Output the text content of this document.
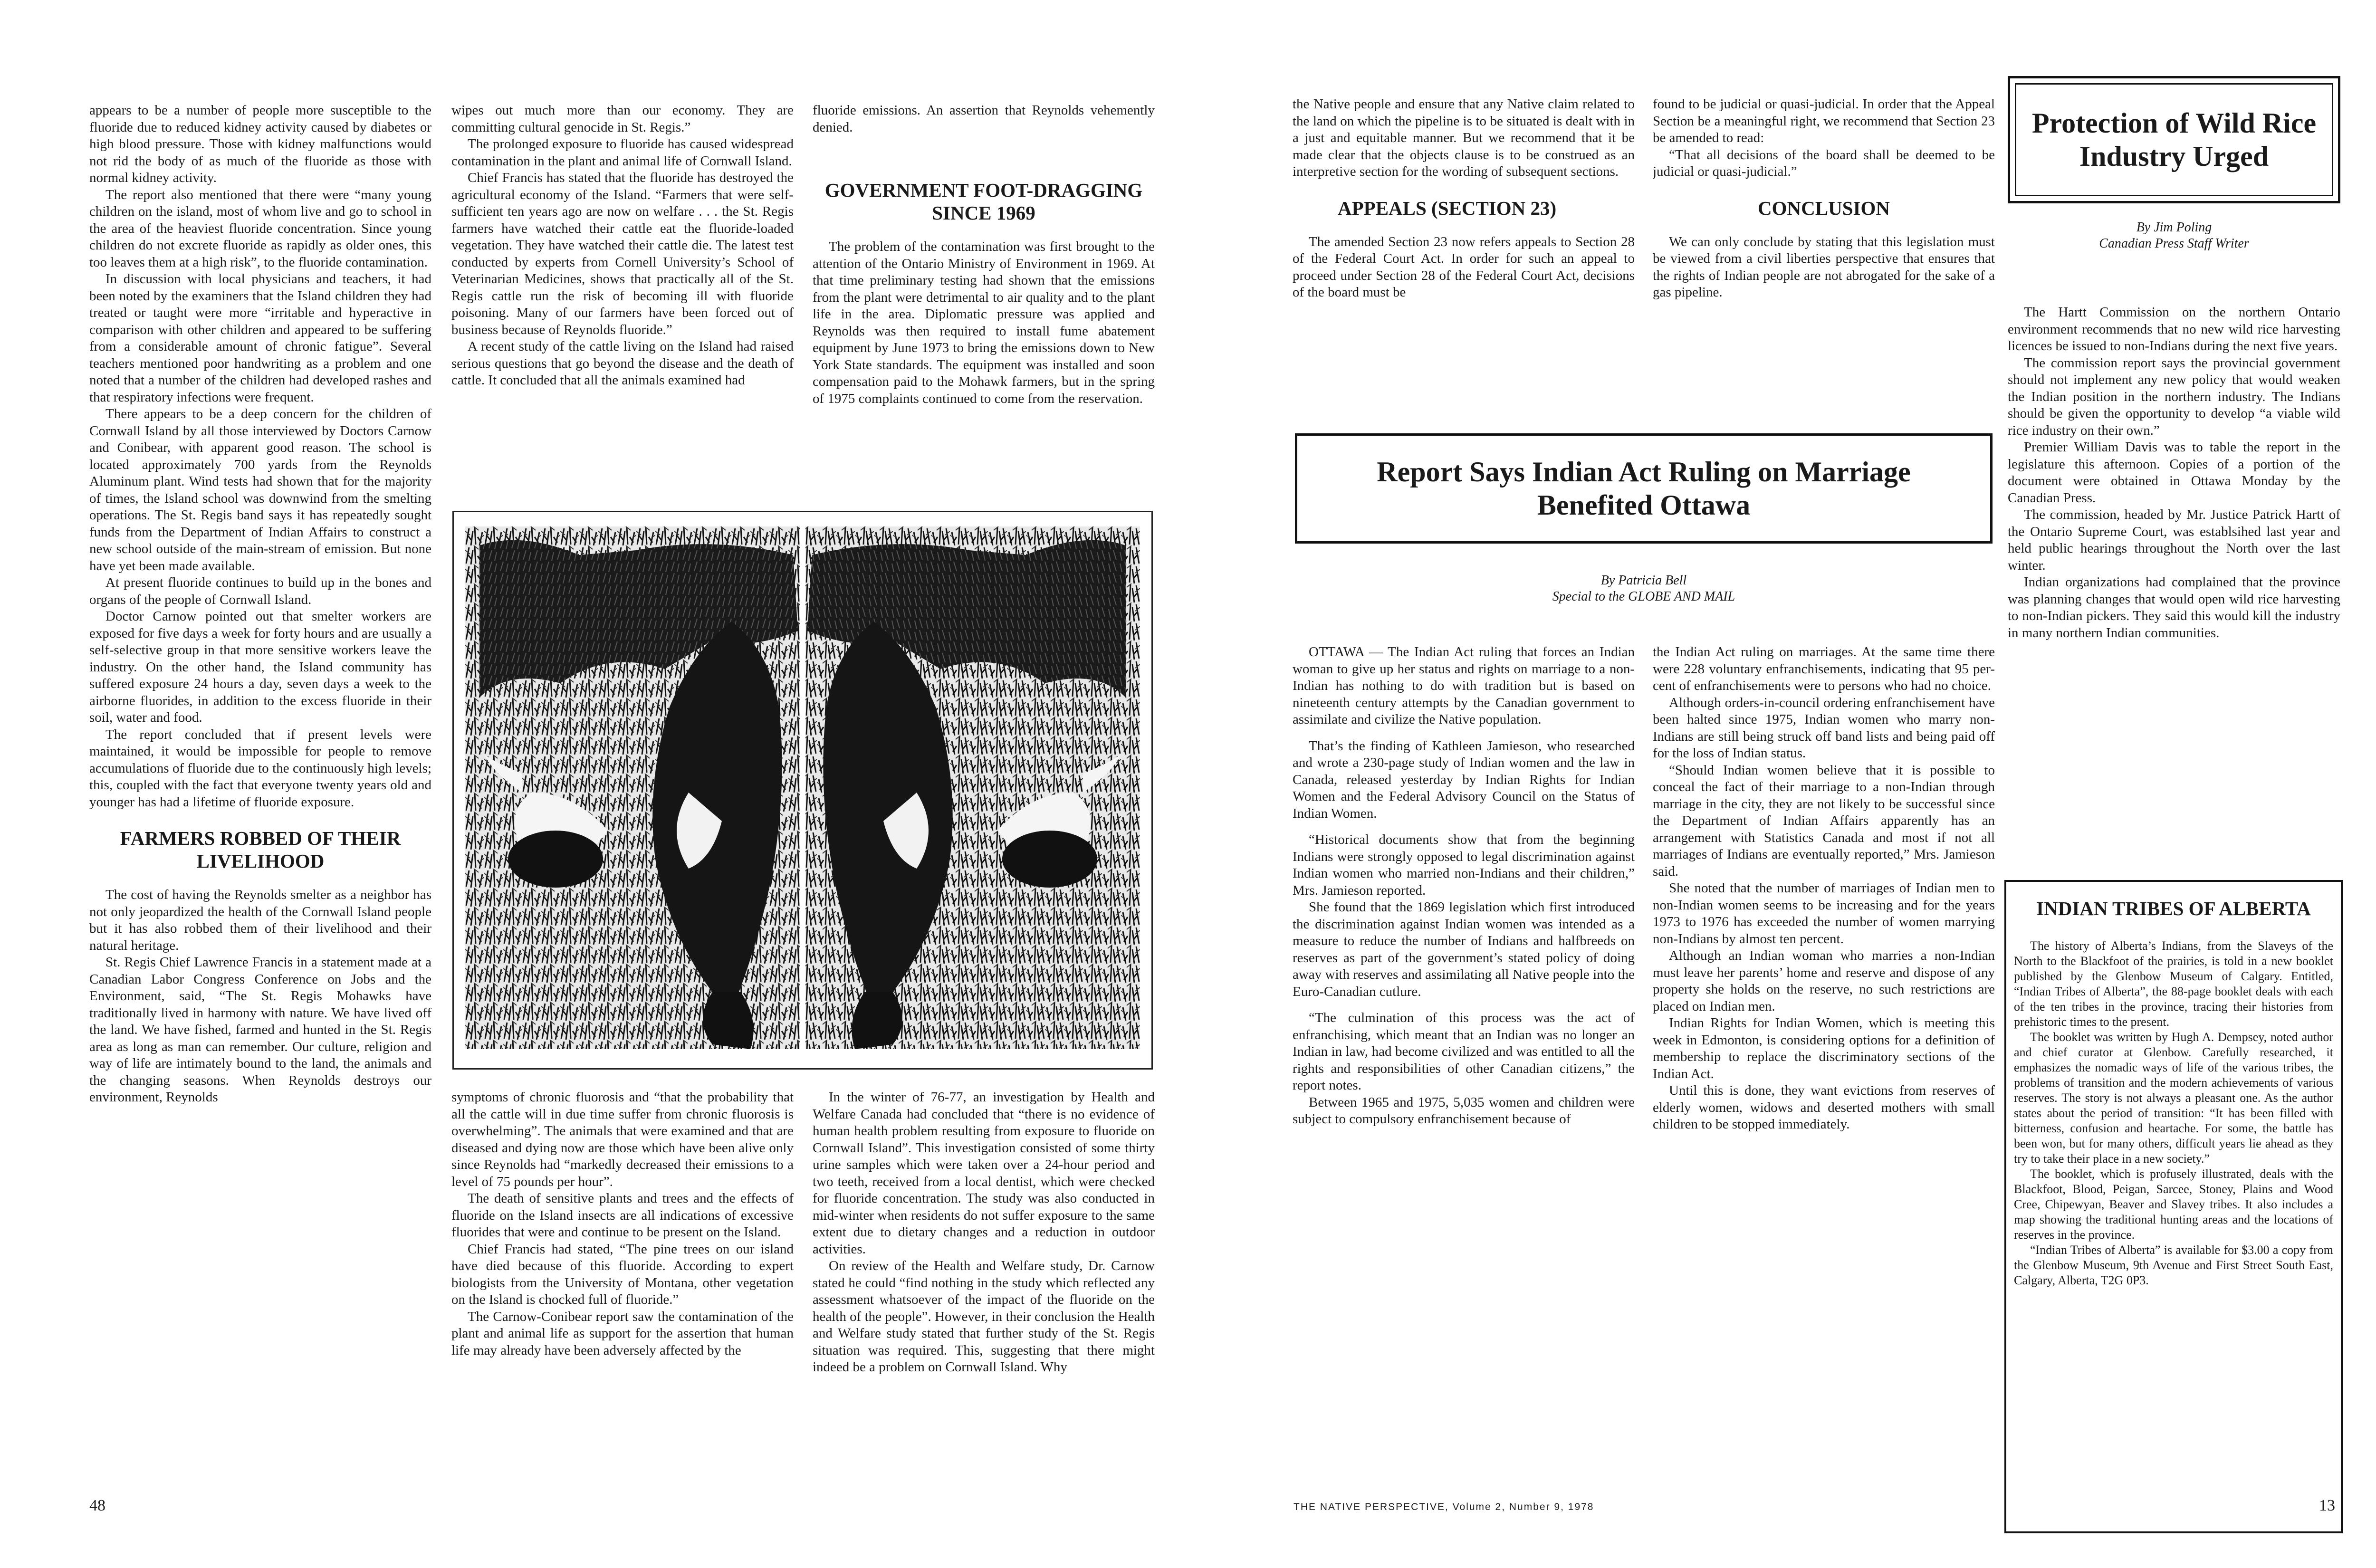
appears to be a number of people more susceptible to the fluoride due to reduced kidney activity caused by diabetes or high blood pressure. Those with kidney malfunctions would not rid the body of as much of the fluoride as those with normal kidney activity.

The report also mentioned that there were “many young children on the island, most of whom live and go to school in the area of the heaviest fluoride concentration. Since young children do not excrete fluoride as rapidly as older ones, this too leaves them at a high risk”, to the fluoride contamination.

In discussion with local physicians and teachers, it had been noted by the examiners that the Island children they had treated or taught were more “irritable and hyperactive in comparison with other children and appeared to be suffering from a considerable amount of chronic fatigue”. Several teachers mentioned poor handwriting as a problem and one noted that a number of the children had developed rashes and that respiratory infections were frequent.

There appears to be a deep concern for the children of Cornwall Island by all those interviewed by Doctors Carnow and Conibear, with apparent good reason. The school is located approximately 700 yards from the Reynolds Aluminum plant. Wind tests had shown that for the majority of times, the Island school was downwind from the smelting operations. The St. Regis band says it has repeatedly sought funds from the Department of Indian Affairs to construct a new school outside of the main-stream of emission. But none have yet been made available.

At present fluoride continues to build up in the bones and organs of the people of Cornwall Island.

Doctor Carnow pointed out that smelter workers are exposed for five days a week for forty hours and are usually a self-selective group in that more sensitive workers leave the industry. On the other hand, the Island community has suffered exposure 24 hours a day, seven days a week to the airborne fluorides, in addition to the excess fluoride in their soil, water and food.

The report concluded that if present levels were maintained, it would be impossible for people to remove accumulations of fluoride due to the continuously high levels; this, coupled with the fact that everyone twenty years old and younger has had a lifetime of fluoride exposure.

FARMERS ROBBED OF THEIR LIVELIHOOD

The cost of having the Reynolds smelter as a neighbor has not only jeopardized the health of the Cornwall Island people but it has also robbed them of their livelihood and their natural heritage.

St. Regis Chief Lawrence Francis in a statement made at a Canadian Labor Congress Conference on Jobs and the Environment, said, “The St. Regis Mohawks have traditionally lived in harmony with nature. We have lived off the land. We have fished, farmed and hunted in the St. Regis area as long as man can remember. Our culture, religion and way of life are intimately bound to the land, the animals and the changing seasons. When Reynolds destroys our environment, Reynolds

wipes out much more than our economy. They are committing cultural genocide in St. Regis.”

The prolonged exposure to fluoride has caused widespread contamination in the plant and animal life of Cornwall Island.

Chief Francis has stated that the fluoride has destroyed the agricultural economy of the Island. “Farmers that were self-sufficient ten years ago are now on welfare . . . the St. Regis farmers have watched their cattle eat the fluoride-loaded vegetation. They have watched their cattle die. The latest test conducted by experts from Cornell University’s School of Veterinarian Medicines, shows that practically all of the St. Regis cattle run the risk of becoming ill with fluoride poisoning. Many of our farmers have been forced out of business because of Reynolds fluoride.”

A recent study of the cattle living on the Island had raised serious questions that go beyond the disease and the death of cattle. It concluded that all the animals examined had

fluoride emissions. An assertion that Reynolds vehemently denied.

GOVERNMENT FOOT-DRAGGING SINCE 1969

The problem of the contamination was first brought to the attention of the Ontario Ministry of Environment in 1969. At that time preliminary testing had shown that the emissions from the plant were detrimental to air quality and to the plant life in the area. Diplomatic pressure was applied and Reynolds was then required to install fume abatement equipment by June 1973 to bring the emissions down to New York State standards. The equipment was installed and soon compensation paid to the Mohawk farmers, but in the spring of 1975 complaints continued to come from the reservation.

symptoms of chronic fluorosis and “that the probability that all the cattle will in due time suffer from chronic fluorosis is overwhelming”. The animals that were examined and that are diseased and dying now are those which have been alive only since Reynolds had “markedly decreased their emissions to a level of 75 pounds per hour”.

The death of sensitive plants and trees and the effects of fluoride on the Island insects are all indications of excessive fluorides that were and continue to be present on the Island.

Chief Francis had stated, “The pine trees on our island have died because of this fluoride. According to expert biologists from the University of Montana, other vegetation on the Island is chocked full of fluoride.”

The Carnow-Conibear report saw the contamination of the plant and animal life as support for the assertion that human life may already have been adversely affected by the

In the winter of 76-77, an investigation by Health and Welfare Canada had concluded that “there is no evidence of human health problem resulting from exposure to fluoride on Cornwall Island”. This investigation consisted of some thirty urine samples which were taken over a 24-hour period and two teeth, received from a local dentist, which were checked for fluoride concentration. The study was also conducted in mid-winter when residents do not suffer exposure to the same extent due to dietary changes and a reduction in outdoor activities.

On review of the Health and Welfare study, Dr. Carnow stated he could “find nothing in the study which reflected any assessment whatsoever of the impact of the fluoride on the health of the people”. However, in their conclusion the Health and Welfare study stated that further study of the St. Regis situation was required. This, suggesting that there might indeed be a problem on Cornwall Island. Why

48

the Native people and ensure that any Native claim related to the land on which the pipeline is to be situated is dealt with in a just and equitable manner. But we recommend that it be made clear that the objects clause is to be construed as an interpretive section for the wording of subsequent sections.

APPEALS (SECTION 23)

The amended Section 23 now refers appeals to Section 28 of the Federal Court Act. In order for such an appeal to proceed under Section 28 of the Federal Court Act, decisions of the board must be

found to be judicial or quasi-judicial. In order that the Appeal Section be a meaningful right, we recommend that Section 23 be amended to read:

“That all decisions of the board shall be deemed to be judicial or quasi-judicial.”

CONCLUSION

We can only conclude by stating that this legislation must be viewed from a civil liberties perspective that ensures that the rights of Indian people are not abrogated for the sake of a gas pipeline.

Report Says Indian Act Ruling on Marriage Benefited Ottawa
By Patricia Bell
Special to the GLOBE AND MAIL

OTTAWA — The Indian Act ruling that forces an Indian woman to give up her status and rights on marriage to a non-Indian has nothing to do with tradition but is based on nineteenth century attempts by the Canadian government to assimilate and civilize the Native population.

That’s the finding of Kathleen Jamieson, who researched and wrote a 230-page study of Indian women and the law in Canada, released yesterday by Indian Rights for Indian Women and the Federal Advisory Council on the Status of Indian Women.

“Historical documents show that from the beginning Indians were strongly opposed to legal discrimination against Indian women who married non-Indians and their children,” Mrs. Jamieson reported.

She found that the 1869 legislation which first introduced the discrimination against Indian women was intended as a measure to reduce the number of Indians and halfbreeds on reserves as part of the government’s stated policy of doing away with reserves and assimilating all Native people into the Euro-Canadian cutlure.

“The culmination of this process was the act of enfranchising, which meant that an Indian was no longer an Indian in law, had become civilized and was entitled to all the rights and responsibilities of other Canadian citizens,” the report notes.

Between 1965 and 1975, 5,035 women and children were subject to compulsory enfranchisement because of

the Indian Act ruling on marriages. At the same time there were 228 voluntary enfranchisements, indicating that 95 per-cent of enfranchisements were to persons who had no choice.

Although orders-in-council ordering enfranchisement have been halted since 1975, Indian women who marry non-Indians are still being struck off band lists and being paid off for the loss of Indian status.

“Should Indian women believe that it is possible to conceal the fact of their marriage to a non-Indian through marriage in the city, they are not likely to be successful since the Department of Indian Affairs apparently has an arrangement with Statistics Canada and most if not all marriages of Indians are eventually reported,” Mrs. Jamieson said.

She noted that the number of marriages of Indian men to non-Indian women seems to be increasing and for the years 1973 to 1976 has exceeded the number of women marrying non-Indians by almost ten percent.

Although an Indian woman who marries a non-Indian must leave her parents’ home and reserve and dispose of any property she holds on the reserve, no such restrictions are placed on Indian men.

Indian Rights for Indian Women, which is meeting this week in Edmonton, is considering options for a definition of membership to replace the discriminatory sections of the Indian Act.

Until this is done, they want evictions from reserves of elderly women, widows and deserted mothers with small children to be stopped immediately.

Protection of Wild Rice Industry Urged
By Jim Poling
Canadian Press Staff Writer

The Hartt Commission on the northern Ontario environment recommends that no new wild rice harvesting licences be issued to non-Indians during the next five years.

The commission report says the provincial government should not implement any new policy that would weaken the Indian position in the northern industry. The Indians should be given the opportunity to develop “a viable wild rice industry on their own.”

Premier William Davis was to table the report in the legislature this afternoon. Copies of a portion of the document were obtained in Ottawa Monday by the Canadian Press.

The commission, headed by Mr. Justice Patrick Hartt of the Ontario Supreme Court, was establsihed last year and held public hearings throughout the North over the last winter.

Indian organizations had complained that the province was planning changes that would open wild rice harvesting to non-Indian pickers. They said this would kill the industry in many northern Indian communities.

INDIAN TRIBES OF ALBERTA

The history of Alberta’s Indians, from the Slaveys of the North to the Blackfoot of the prairies, is told in a new booklet published by the Glenbow Museum of Calgary. Entitled, “Indian Tribes of Alberta”, the 88-page booklet deals with each of the ten tribes in the province, tracing their histories from prehistoric times to the present.

The booklet was written by Hugh A. Dempsey, noted author and chief curator at Glenbow. Carefully researched, it emphasizes the nomadic ways of life of the various tribes, the problems of transition and the modern achievements of various reserves. The story is not always a pleasant one. As the author states about the period of transition: “It has been filled with bitterness, confusion and heartache. For some, the battle has been won, but for many others, difficult years lie ahead as they try to take their place in a new society.”

The booklet, which is profusely illustrated, deals with the Blackfoot, Blood, Peigan, Sarcee, Stoney, Plains and Wood Cree, Chipewyan, Beaver and Slavey tribes. It also includes a map showing the traditional hunting areas and the locations of reserves in the province.

“Indian Tribes of Alberta” is available for $3.00 a copy from the Glenbow Museum, 9th Avenue and First Street South East, Calgary, Alberta, T2G 0P3.

THE NATIVE PERSPECTIVE, Volume 2, Number 9, 1978	13
